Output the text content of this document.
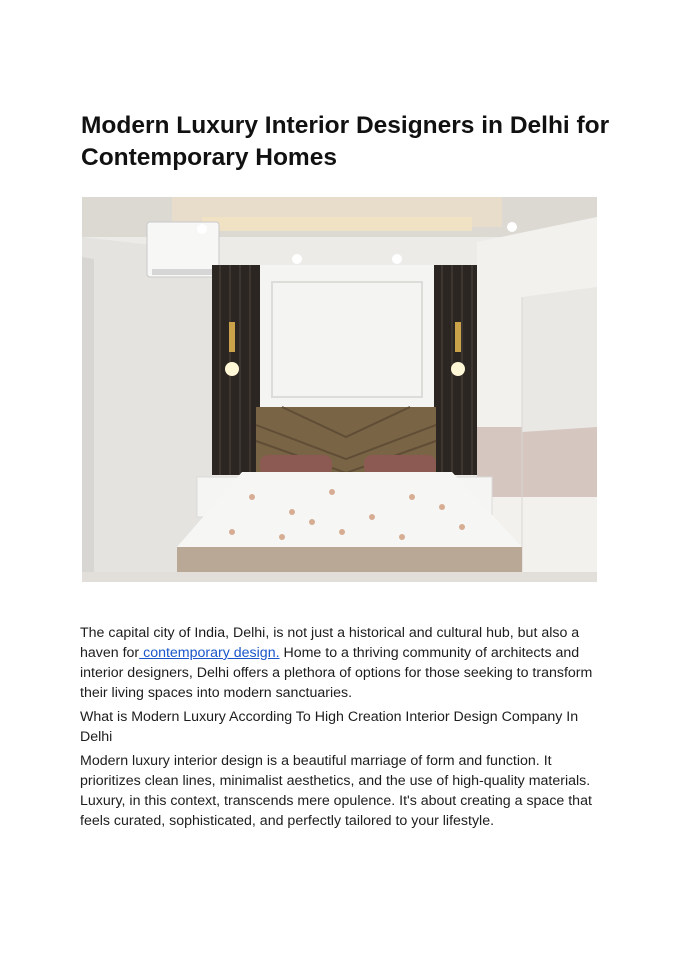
Modern Luxury Interior Designers in Delhi for Contemporary Homes

The capital city of India, Delhi, is not just a historical and cultural hub, but also a haven for contemporary design. Home to a thriving community of architects and interior designers, Delhi offers a plethora of options for those seeking to transform their living spaces into modern sanctuaries.

What is Modern Luxury According To High Creation Interior Design Company In Delhi

Modern luxury interior design is a beautiful marriage of form and function. It prioritizes clean lines, minimalist aesthetics, and the use of high-quality materials. Luxury, in this context, transcends mere opulence. It's about creating a space that feels curated, sophisticated, and perfectly tailored to your lifestyle.
